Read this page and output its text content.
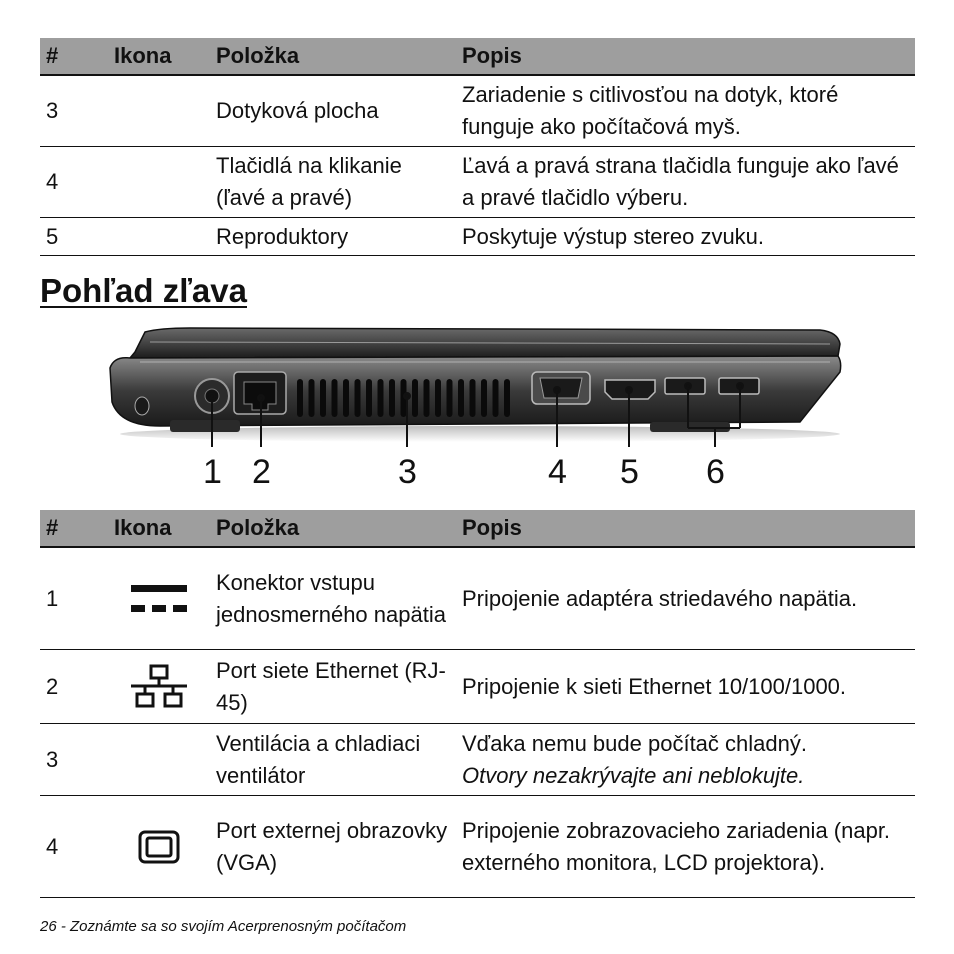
#	Ikona	Položka	Popis
3		Dotyková plocha	Zariadenie s citlivosťou na dotyk, ktoré funguje ako počítačová myš.
4		Tlačidlá na klikanie (ľavé a pravé)	Ľavá a pravá strana tlačidla funguje ako ľavé a pravé tlačidlo výberu.
5		Reproduktory	Poskytuje výstup stereo zvuku.
Pohľad zľava
1 2	3	4 5 6
#	Ikona	Položka	Popis
1		Konektor vstupu jednosmerného napätia	Pripojenie adaptéra striedavého napätia.
2		Port siete Ethernet (RJ-45)	Pripojenie k sieti Ethernet 10/100/1000.
3		Ventilácia a chladiaci ventilátor	Vďaka nemu bude počítač chladný.
Otvory nezakrývajte ani neblokujte.

4		Port externej obrazovky (VGA)	Pripojenie zobrazovacieho zariadenia (napr. externého monitora, LCD projektora).
26 - Zoznámte sa so svojím Acerprenosným počítačom
